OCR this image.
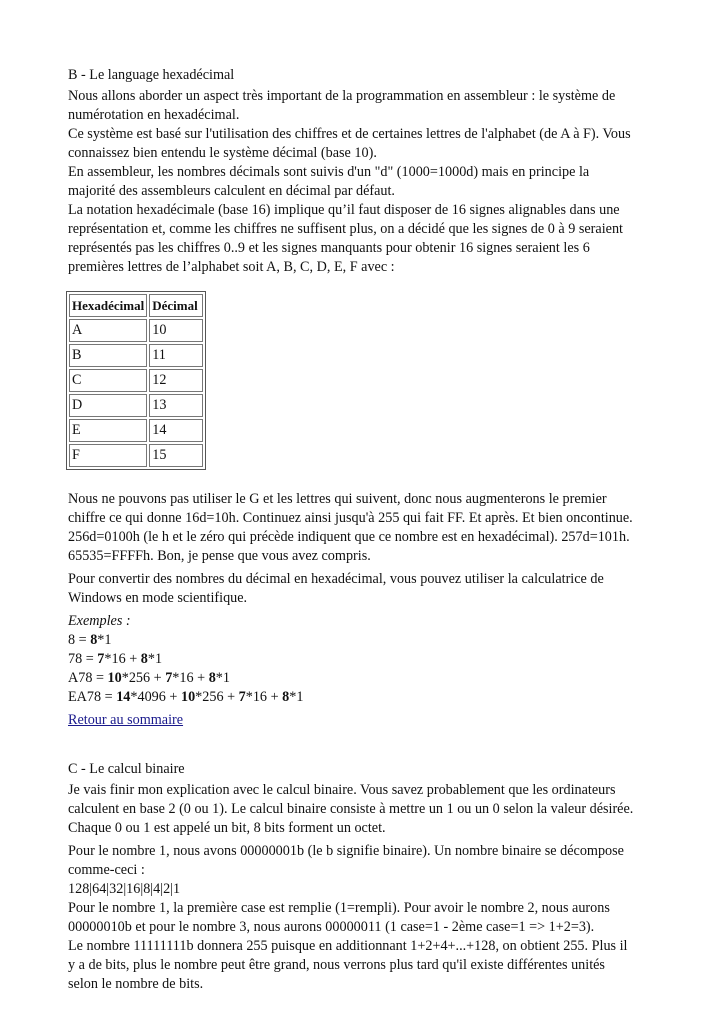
B - Le language hexadécimal
Nous allons aborder un aspect très important de la programmation en assembleur : le système de
numérotation en hexadécimal.
Ce système est basé sur l'utilisation des chiffres et de certaines lettres de l'alphabet (de A à F). Vous
connaissez bien entendu le système décimal (base 10).
En assembleur, les nombres décimals sont suivis d'un "d" (1000=1000d) mais en principe la
majorité des assembleurs calculent en décimal par défaut.
La notation hexadécimale (base 16) implique qu’il faut disposer de 16 signes alignables dans une
représentation et, comme les chiffres ne suffisent plus, on a décidé que les signes de 0 à 9 seraient
représentés pas les chiffres 0..9 et les signes manquants pour obtenir 16 signes seraient les 6
premières lettres de l’alphabet soit A, B, C, D, E, F avec :
Hexadécimal	Décimal
A	10
B	11
C	12
D	13
E	14
F	15
Nous ne pouvons pas utiliser le G et les lettres qui suivent, donc nous augmenterons le premier
chiffre ce qui donne 16d=10h. Continuez ainsi jusqu'à 255 qui fait FF. Et après. Et bien oncontinue.
256d=0100h (le h et le zéro qui précède indiquent que ce nombre est en hexadécimal). 257d=101h.
65535=FFFFh. Bon, je pense que vous avez compris.
Pour convertir des nombres du décimal en hexadécimal, vous pouvez utiliser la calculatrice de
Windows en mode scientifique.
Exemples :
8 = 8*1
78 = 7*16 + 8*1
A78 = 10*256 + 7*16 + 8*1
EA78 = 14*4096 + 10*256 + 7*16 + 8*1
Retour au sommaire
C - Le calcul binaire
Je vais finir mon explication avec le calcul binaire. Vous savez probablement que les ordinateurs
calculent en base 2 (0 ou 1). Le calcul binaire consiste à mettre un 1 ou un 0 selon la valeur désirée.
Chaque 0 ou 1 est appelé un bit, 8 bits forment un octet.
Pour le nombre 1, nous avons 00000001b (le b signifie binaire). Un nombre binaire se décompose
comme-ceci :
128|64|32|16|8|4|2|1
Pour le nombre 1, la première case est remplie (1=rempli). Pour avoir le nombre 2, nous aurons
00000010b et pour le nombre 3, nous aurons 00000011 (1 case=1 - 2ème case=1 => 1+2=3).
Le nombre 11111111b donnera 255 puisque en additionnant 1+2+4+...+128, on obtient 255. Plus il
y a de bits, plus le nombre peut être grand, nous verrons plus tard qu'il existe différentes unités
selon le nombre de bits.
